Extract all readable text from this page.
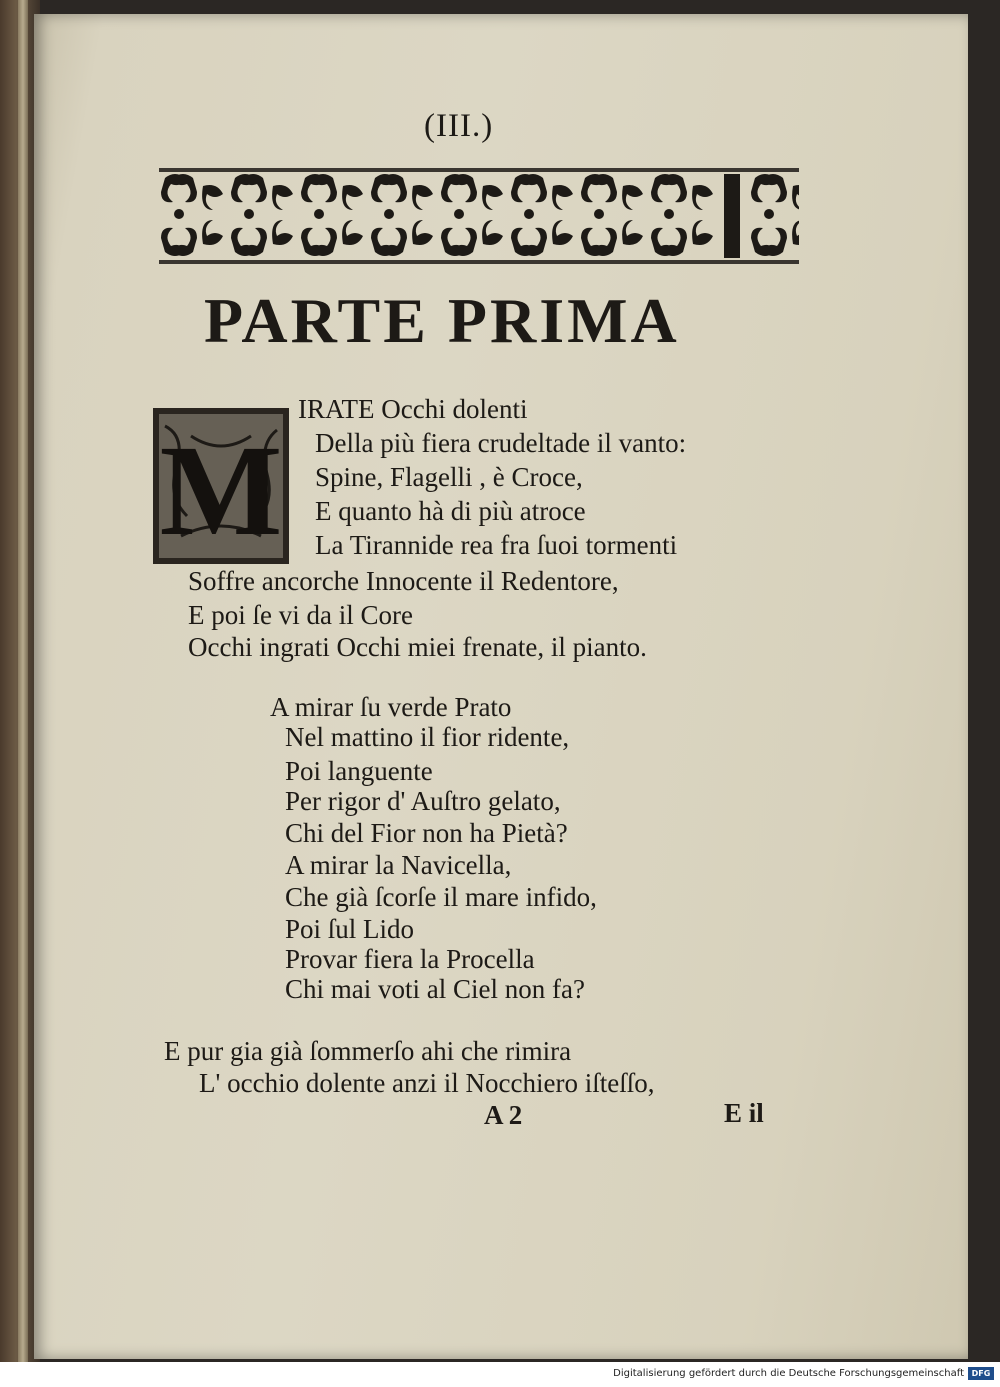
(III.)
PARTE PRIMA
M
IRATE Occhi dolenti
Della più fiera crudeltade il vanto:
Spine, Flagelli , è Croce,
E quanto hà di più atroce
La Tirannide rea fra ſuoi tormenti
Soffre ancorche Innocente il Redentore,
E poi ſe vi da il Core
Occhi ingrati Occhi miei frenate, il pianto.
A mirar ſu verde Prato
Nel mattino il fior ridente,
Poi languente
Per rigor d' Auſtro gelato,
Chi del Fior non ha Pietà?
A mirar la Navicella,
Che già ſcorſe il mare infido,
Poi ſul Lido
Provar fiera la Procella
Chi mai voti al Ciel non fa?
E pur gia già ſommerſo ahi che rimira
L' occhio dolente anzi il Nocchiero iſteſſo,
A 2	E il
Digitalisierung gefördert durch die Deutsche Forschungsgemeinschaft DFG
